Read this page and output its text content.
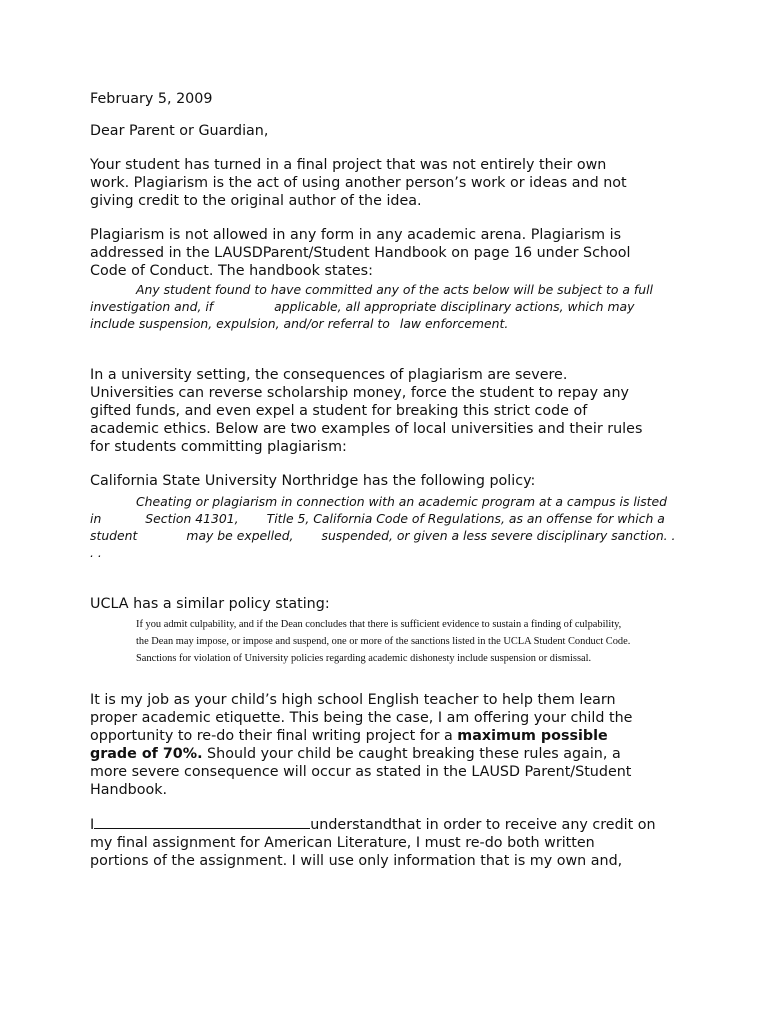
February 5, 2009

Dear Parent or Guardian,

Your student has turned in a final project that was not entirely their own

work. Plagiarism is the act of using another person’s work or ideas and not

giving credit to the original author of the idea.

Plagiarism is not allowed in any form in any academic arena. Plagiarism is

addressed in the LAUSDParent/Student Handbook on page 16 under School

Code of Conduct. The handbook states:

Any student found to have committed any of the acts below will be subject to a full
investigation and, if	applicable, all appropriate disciplinary actions, which may
include suspension, expulsion, and/or referral to law enforcement.

In a university setting, the consequences of plagiarism are severe.

Universities can reverse scholarship money, force the student to repay any

gifted funds, and even expel a student for breaking this strict code of

academic ethics. Below are two examples of local universities and their rules

for students committing plagiarism:

California State University Northridge has the following policy:

Cheating or plagiarism in connection with an academic program at a campus is listed
in	Section 41301, Title 5, California Code of Regulations, as an offense for which a
student	may be expelled, suspended, or given a less severe disciplinary sanction. .
. .

UCLA has a similar policy stating:

If you admit culpability, and if the Dean concludes that there is sufficient evidence to sustain a finding of culpability,
the Dean may impose, or impose and suspend, one or more of the sanctions listed in the UCLA Student Conduct Code.
Sanctions for violation of University policies regarding academic dishonesty include suspension or dismissal.

It is my job as your child’s high school English teacher to help them learn

proper academic etiquette. This being the case, I am offering your child the

opportunity to re-do their final writing project for a maximum possible

grade of 70%. Should your child be caught breaking these rules again, a

more severe consequence will occur as stated in the LAUSD Parent/Student

Handbook.

I	understandthat in order to receive any credit on

my final assignment for American Literature, I must re-do both written

portions of the assignment. I will use only information that is my own and,
